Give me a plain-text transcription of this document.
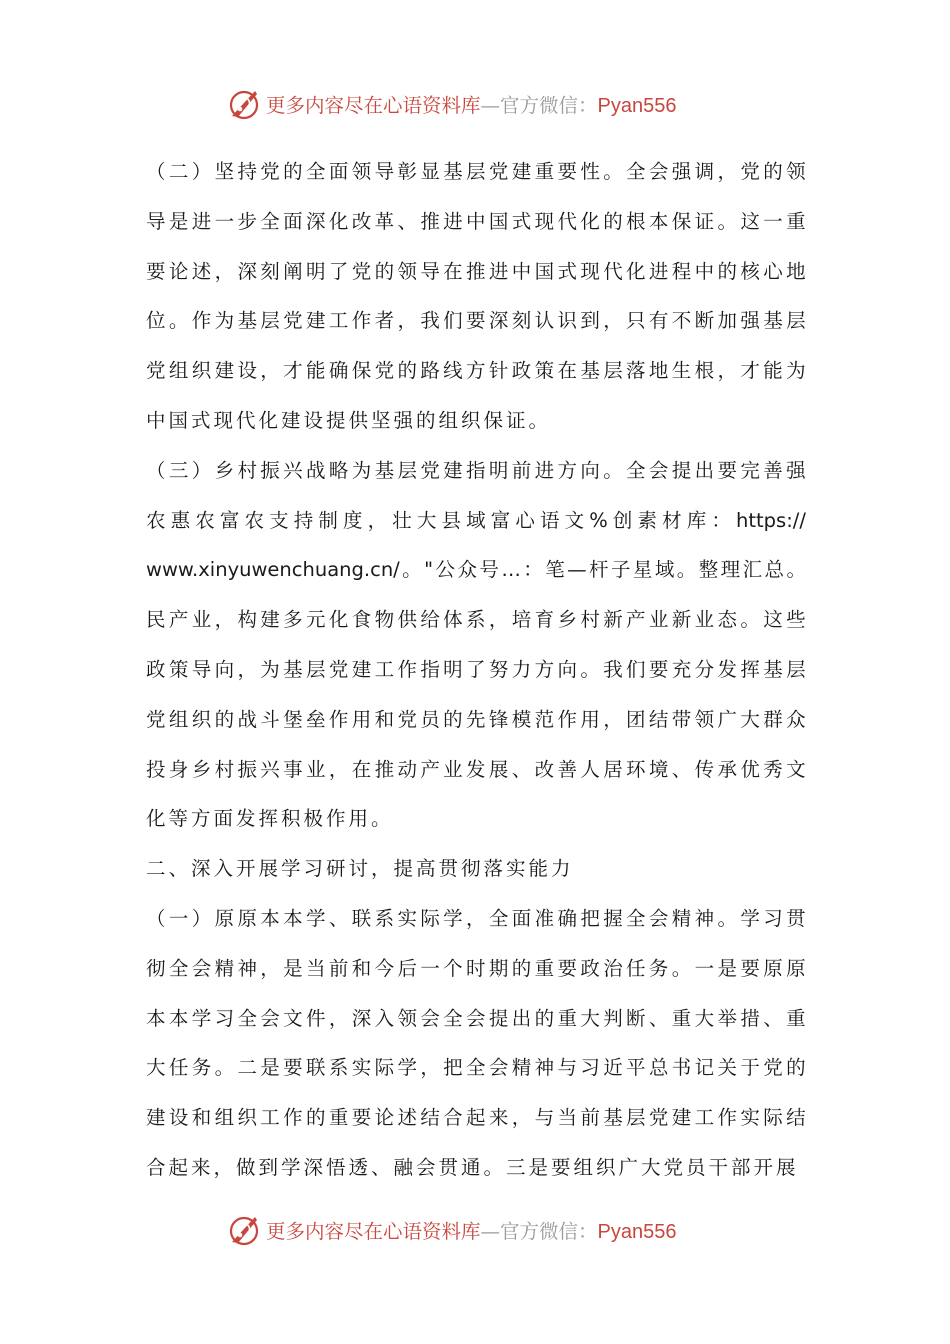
更多内容尽在心语资料库—官方微信：Pyan556
（ 二 ） 坚 持 党 的 全 面 领 导 彰 显 基 层 党 建 重 要 性 。 全 会 强 调 ， 党 的 领
导 是 进 一 步 全 面 深 化 改 革 、 推 进 中 国 式 现 代 化 的 根 本 保 证 。 这 一 重
要 论 述 ， 深 刻 阐 明 了 党 的 领 导 在 推 进 中 国 式 现 代 化 进 程 中 的 核 心 地
位 。 作 为 基 层 党 建 工 作 者 ， 我 们 要 深 刻 认 识 到 ， 只 有 不 断 加 强 基 层
党 组 织 建 设 ， 才 能 确 保 党 的 路 线 方 针 政 策 在 基 层 落 地 生 根 ， 才 能 为
中国式现代化建设提供坚强的组织保证。
（ 三 ） 乡 村 振 兴 战 略 为 基 层 党 建 指 明 前 进 方 向 。 全 会 提 出 要 完 善 强
农 惠 农 富 农 支 持 制 度 ， 壮 大 县 域 富 心 语 文 % 创 素 材 库 ： https://
www.xinyuwenchuang.cn/ 。 " 公 众 号 … ： 笔 — 杆 子 星 域 。 整 理 汇 总 。
民 产 业 ， 构 建 多 元 化 食 物 供 给 体 系 ， 培 育 乡 村 新 产 业 新 业 态 。 这 些
政 策 导 向 ， 为 基 层 党 建 工 作 指 明 了 努 力 方 向 。 我 们 要 充 分 发 挥 基 层
党 组 织 的 战 斗 堡 垒 作 用 和 党 员 的 先 锋 模 范 作 用 ， 团 结 带 领 广 大 群 众
投 身 乡 村 振 兴 事 业 ， 在 推 动 产 业 发 展 、 改 善 人 居 环 境 、 传 承 优 秀 文
化等方面发挥积极作用。
二、深入开展学习研讨，提高贯彻落实能力
（ 一 ） 原 原 本 本 学 、 联 系 实 际 学 ， 全 面 准 确 把 握 全 会 精 神 。 学 习 贯
彻 全 会 精 神 ， 是 当 前 和 今 后 一 个 时 期 的 重 要 政 治 任 务 。 一 是 要 原 原
本 本 学 习 全 会 文 件 ， 深 入 领 会 全 会 提 出 的 重 大 判 断 、 重 大 举 措 、 重
大 任 务 。 二 是 要 联 系 实 际 学 ， 把 全 会 精 神 与 习 近 平 总 书 记 关 于 党 的
建 设 和 组 织 工 作 的 重 要 论 述 结 合 起 来 ， 与 当 前 基 层 党 建 工 作 实 际 结
合起来，做到学深悟透、融会贯通。三是要组织广大党员干部开展
更多内容尽在心语资料库—官方微信：Pyan556
